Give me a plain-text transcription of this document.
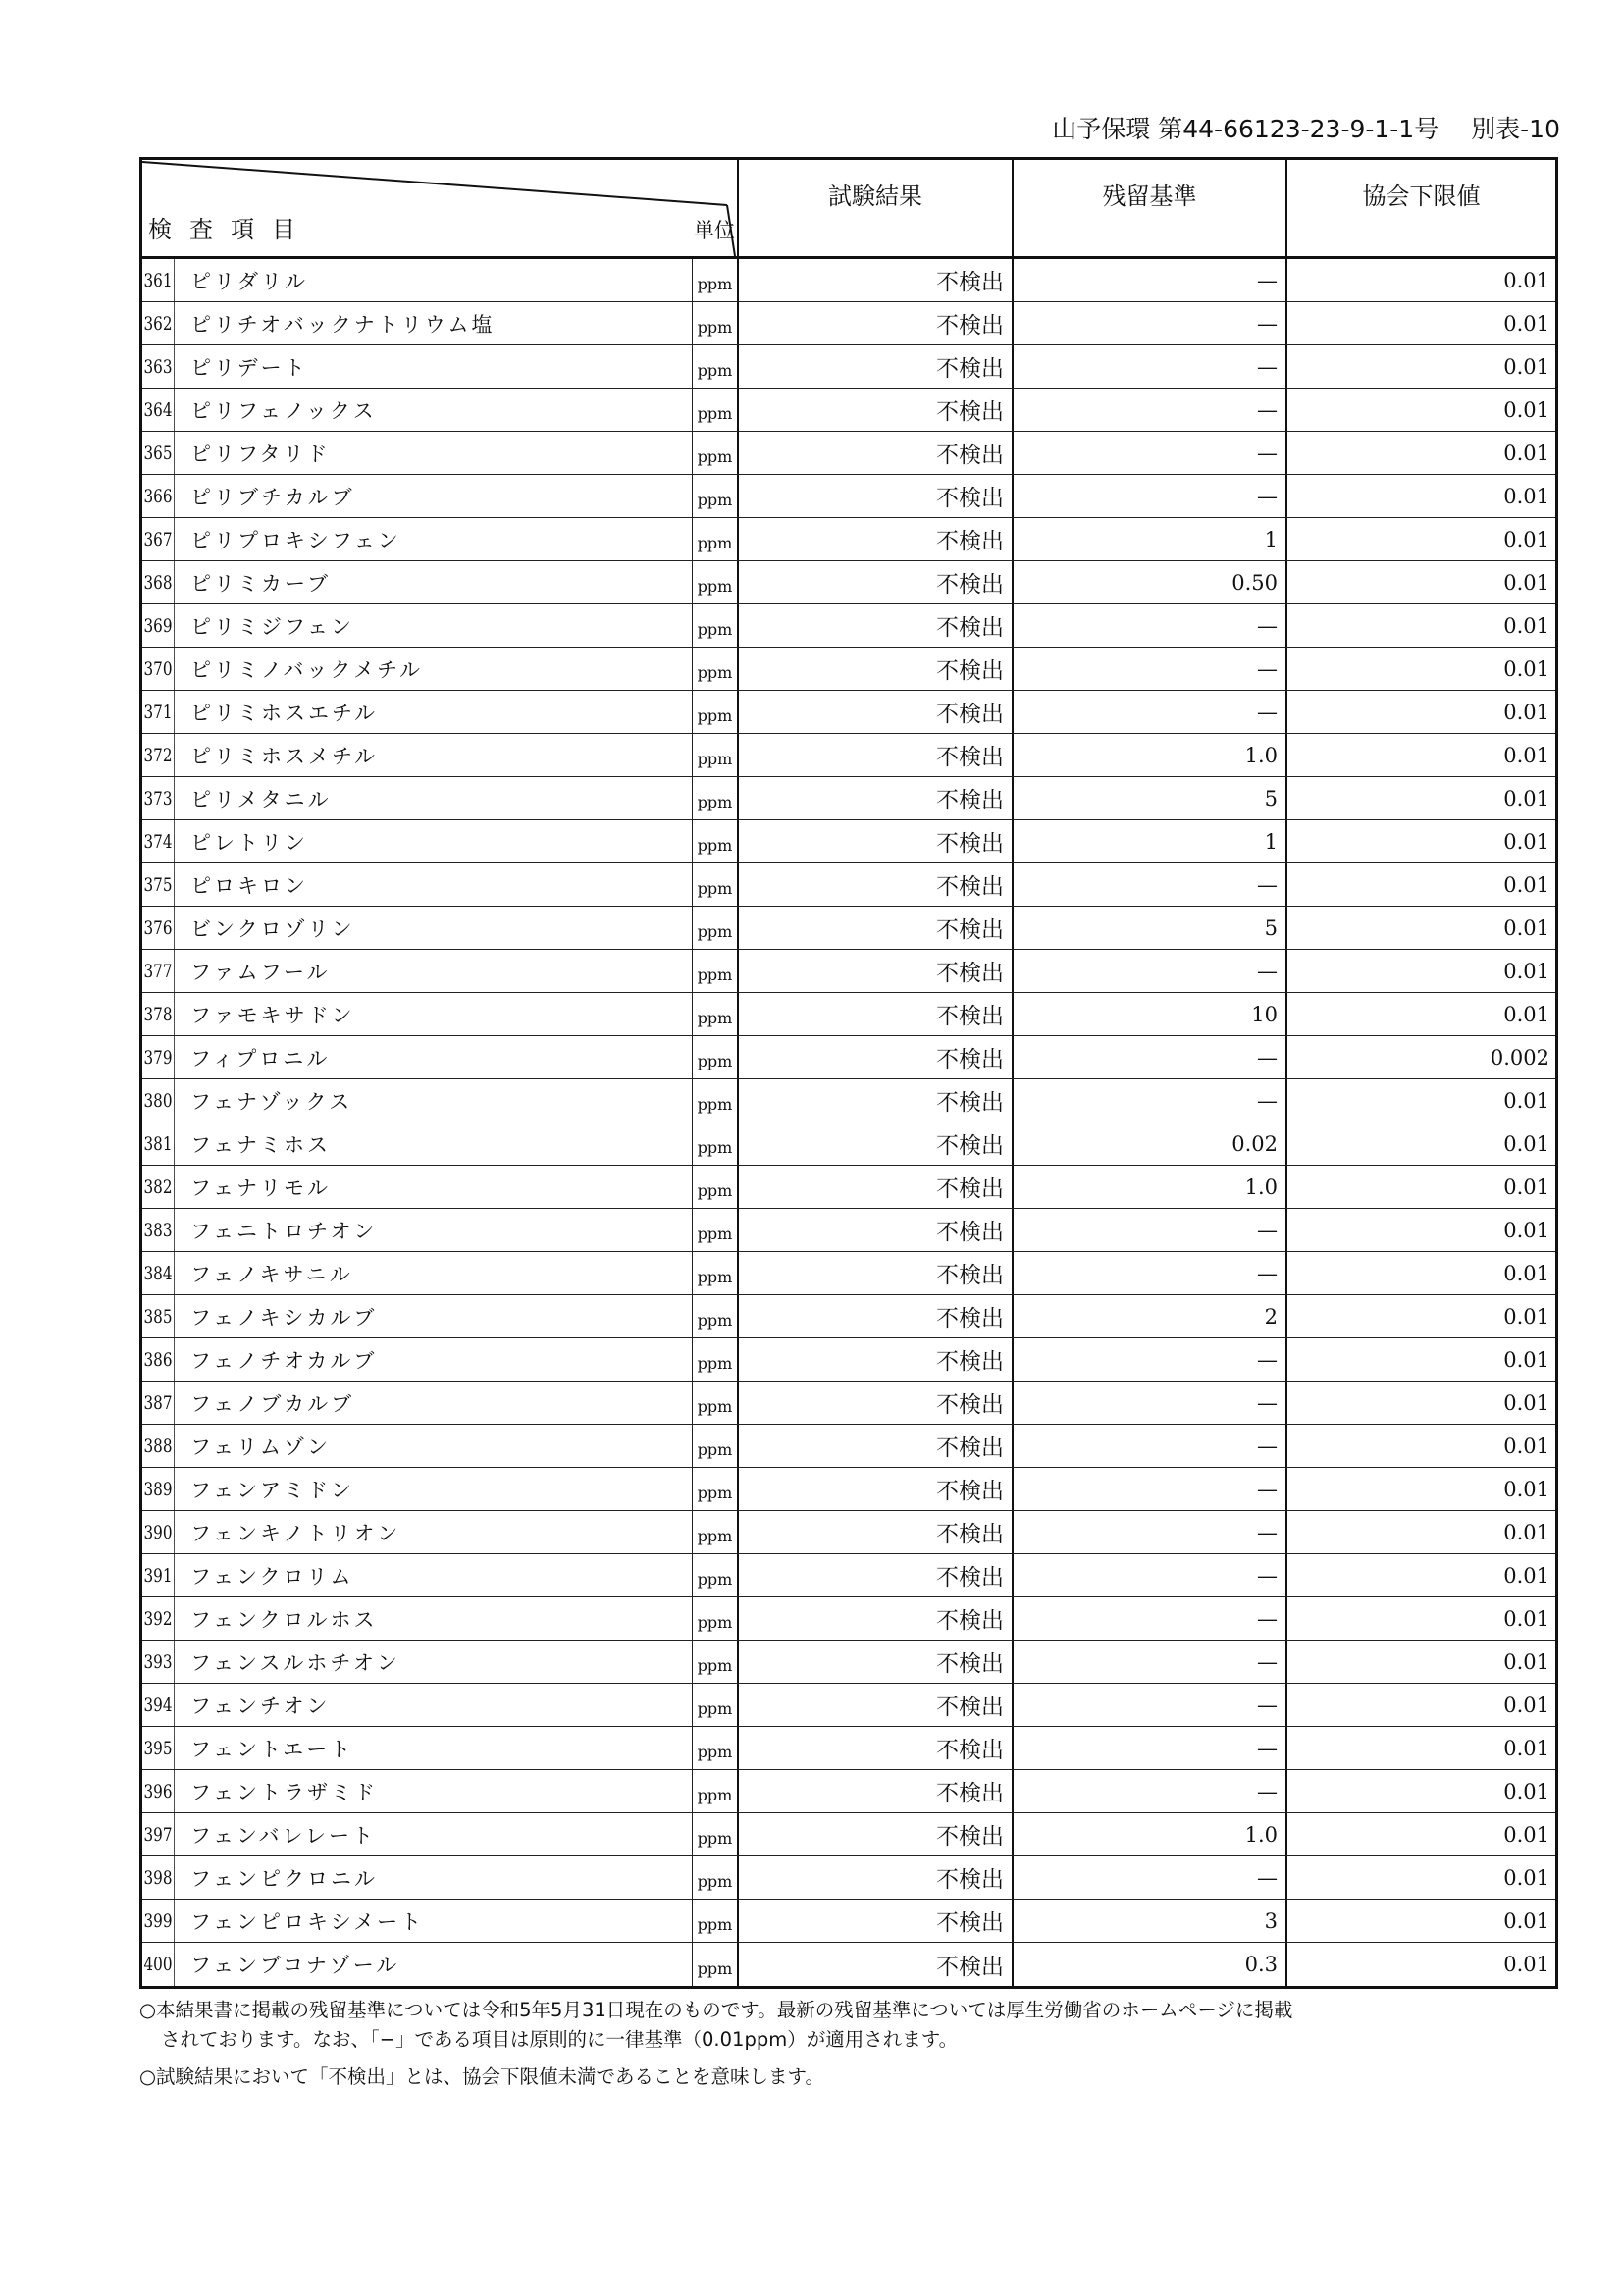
山予保環 第44-66123-23-9-1-1号　 別表-10
検査項目	単位
試験結果	残留基準	協会下限値
361 ピリダリル	ppm	不検出	—	0.01
362 ピリチオバックナトリウム塩	ppm	不検出	—	0.01
363 ピリデート	ppm	不検出	—	0.01
364 ピリフェノックス	ppm	不検出	—	0.01
365 ピリフタリド	ppm	不検出	—	0.01
366 ピリブチカルブ	ppm	不検出	—	0.01
367 ピリプロキシフェン	ppm	不検出	1	0.01
368 ピリミカーブ	ppm	不検出	0.50	0.01
369 ピリミジフェン	ppm	不検出	—	0.01
370 ピリミノバックメチル	ppm	不検出	—	0.01
371 ピリミホスエチル	ppm	不検出	—	0.01
372 ピリミホスメチル	ppm	不検出	1.0	0.01
373 ピリメタニル	ppm	不検出	5	0.01
374 ピレトリン	ppm	不検出	1	0.01
375 ピロキロン	ppm	不検出	—	0.01
376 ビンクロゾリン	ppm	不検出	5	0.01
377 ファムフール	ppm	不検出	—	0.01
378 ファモキサドン	ppm	不検出	10	0.01
379 フィプロニル	ppm	不検出	—	0.002
380 フェナゾックス	ppm	不検出	—	0.01
381 フェナミホス	ppm	不検出	0.02	0.01
382 フェナリモル	ppm	不検出	1.0	0.01
383 フェニトロチオン	ppm	不検出	—	0.01
384 フェノキサニル	ppm	不検出	—	0.01
385 フェノキシカルブ	ppm	不検出	2	0.01
386 フェノチオカルブ	ppm	不検出	—	0.01
387 フェノブカルブ	ppm	不検出	—	0.01
388 フェリムゾン	ppm	不検出	—	0.01
389 フェンアミドン	ppm	不検出	—	0.01
390 フェンキノトリオン	ppm	不検出	—	0.01
391 フェンクロリム	ppm	不検出	—	0.01
392 フェンクロルホス	ppm	不検出	—	0.01
393 フェンスルホチオン	ppm	不検出	—	0.01
394 フェンチオン	ppm	不検出	—	0.01
395 フェントエート	ppm	不検出	—	0.01
396 フェントラザミド	ppm	不検出	—	0.01
397 フェンバレレート	ppm	不検出	1.0	0.01
398 フェンピクロニル	ppm	不検出	—	0.01
399 フェンピロキシメート	ppm	不検出	3	0.01
400 フェンブコナゾール	ppm	不検出	0.3	0.01

○本結果書に掲載の残留基準については令和5年5月31日現在のものです。最新の残留基準については厚生労働省のホームページに掲載

されております。なお、「−」である項目は原則的に一律基準（0.01ppm）が適用されます。

○試験結果において「不検出」とは、協会下限値未満であることを意味します。
